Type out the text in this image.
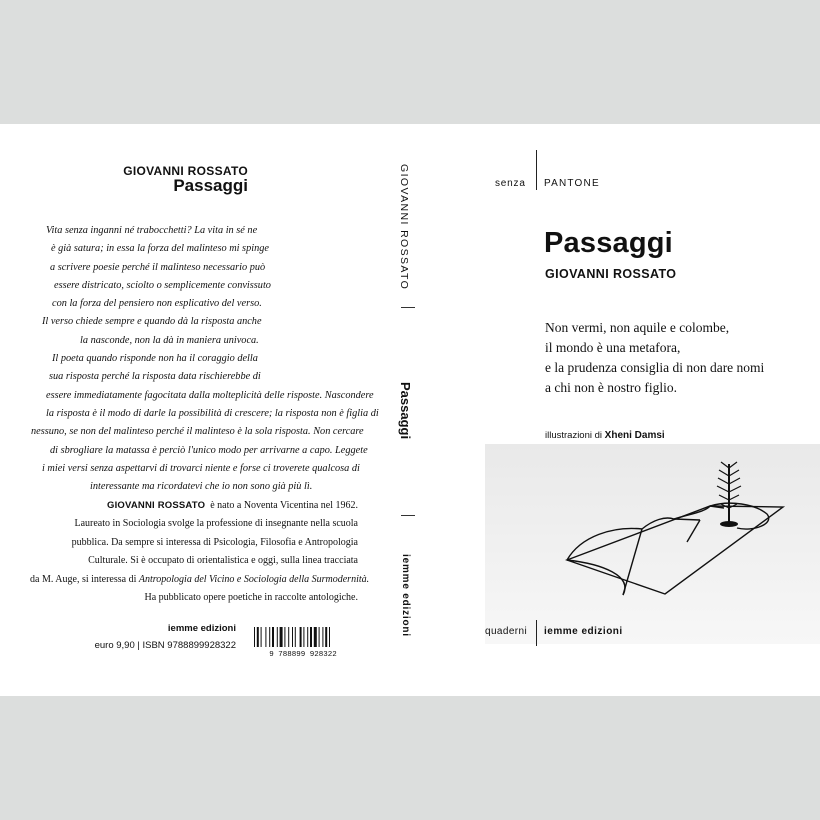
GIOVANNI ROSSATO
Passaggi
Vita senza inganni né trabocchetti? La vita in sé ne
è già satura; in essa la forza del malinteso mi spinge
a scrivere poesie perché il malinteso necessario può
essere districato, sciolto o semplicemente convissuto
con la forza del pensiero non esplicativo del verso.
Il verso chiede sempre e quando dà la risposta anche
la nasconde, non la dà in maniera univoca.
Il poeta quando risponde non ha il coraggio della
sua risposta perché la risposta data rischierebbe di
essere immediatamente fagocitata dalla molteplicità delle risposte. Nascondere
la risposta è il modo di darle la possibilità di crescere; la risposta non è figlia di
nessuno, se non del malinteso perché il malinteso è la sola risposta. Non cercare
di sbrogliare la matassa è perciò l'unico modo per arrivarne a capo. Leggete
i miei versi senza aspettarvi di trovarci niente e forse ci troverete qualcosa di
interessante ma ricordatevi che io non sono già più lì.
GIOVANNI ROSSATO è nato a Noventa Vicentina nel 1962.
Laureato in Sociologia svolge la professione di insegnante nella scuola
pubblica. Da sempre si interessa di Psicologia, Filosofia e Antropologia
Culturale. Si è occupato di orientalistica e oggi, sulla linea tracciata
da M. Auge, si interessa di Antropologia del Vicino e Sociologia della Surmodernità.
Ha pubblicato opere poetiche in raccolte antologiche.
iemme edizioni
euro 9,90 | ISBN 9788899928322
9 788899 928322
GIOVANNI ROSSATO
Passaggi
iemme edizioni
senza PANTONE
Passaggi
GIOVANNI ROSSATO
Non vermi, non aquile e colombe,
il mondo è una metafora,
e la prudenza consiglia di non dare nomi
a chi non è nostro figlio.
illustrazioni di Xheni Damsi
quaderni iemme edizioni
